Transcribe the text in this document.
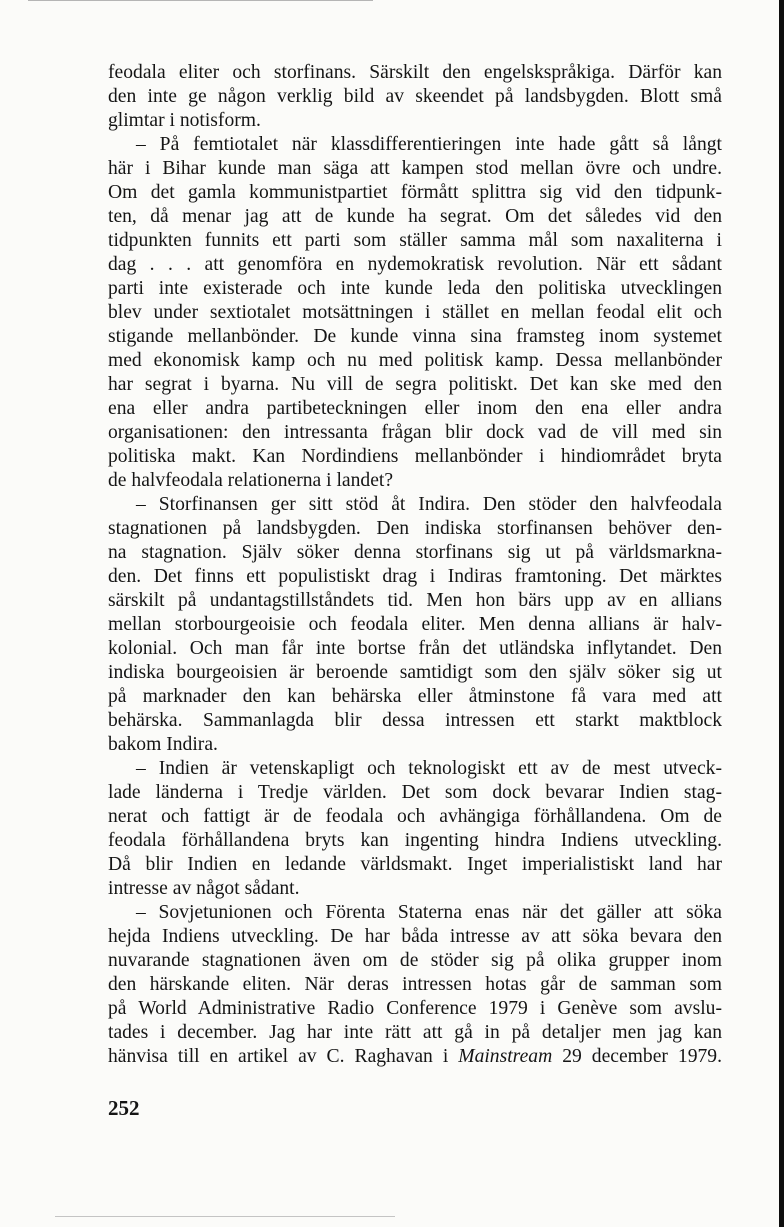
feodala eliter och storfinans. Särskilt den engelskspråkiga. Därför kan
den inte ge någon verklig bild av skeendet på landsbygden. Blott små
glimtar i notisform.
– På femtiotalet när klassdifferentieringen inte hade gått så långt
här i Bihar kunde man säga att kampen stod mellan övre och undre.
Om det gamla kommunistpartiet förmått splittra sig vid den tidpunk-
ten, då menar jag att de kunde ha segrat. Om det således vid den
tidpunkten funnits ett parti som ställer samma mål som naxaliterna i
dag . . . att genomföra en nydemokratisk revolution. När ett sådant
parti inte existerade och inte kunde leda den politiska utvecklingen
blev under sextiotalet motsättningen i stället en mellan feodal elit och
stigande mellanbönder. De kunde vinna sina framsteg inom systemet
med ekonomisk kamp och nu med politisk kamp. Dessa mellanbönder
har segrat i byarna. Nu vill de segra politiskt. Det kan ske med den
ena eller andra partibeteckningen eller inom den ena eller andra
organisationen: den intressanta frågan blir dock vad de vill med sin
politiska makt. Kan Nordindiens mellanbönder i hindiområdet bryta
de halvfeodala relationerna i landet?
– Storfinansen ger sitt stöd åt Indira. Den stöder den halvfeodala
stagnationen på landsbygden. Den indiska storfinansen behöver den-
na stagnation. Själv söker denna storfinans sig ut på världsmarkna-
den. Det finns ett populistiskt drag i Indiras framtoning. Det märktes
särskilt på undantagstillståndets tid. Men hon bärs upp av en allians
mellan storbourgeoisie och feodala eliter. Men denna allians är halv-
kolonial. Och man får inte bortse från det utländska inflytandet. Den
indiska bourgeoisien är beroende samtidigt som den själv söker sig ut
på marknader den kan behärska eller åtminstone få vara med att
behärska. Sammanlagda blir dessa intressen ett starkt maktblock
bakom Indira.
– Indien är vetenskapligt och teknologiskt ett av de mest utveck-
lade länderna i Tredje världen. Det som dock bevarar Indien stag-
nerat och fattigt är de feodala och avhängiga förhållandena. Om de
feodala förhållandena bryts kan ingenting hindra Indiens utveckling.
Då blir Indien en ledande världsmakt. Inget imperialistiskt land har
intresse av något sådant.
– Sovjetunionen och Förenta Staterna enas när det gäller att söka
hejda Indiens utveckling. De har båda intresse av att söka bevara den
nuvarande stagnationen även om de stöder sig på olika grupper inom
den härskande eliten. När deras intressen hotas går de samman som
på World Administrative Radio Conference 1979 i Genève som avslu-
tades i december. Jag har inte rätt att gå in på detaljer men jag kan
hänvisa till en artikel av C. Raghavan i Mainstream 29 december 1979.
252
